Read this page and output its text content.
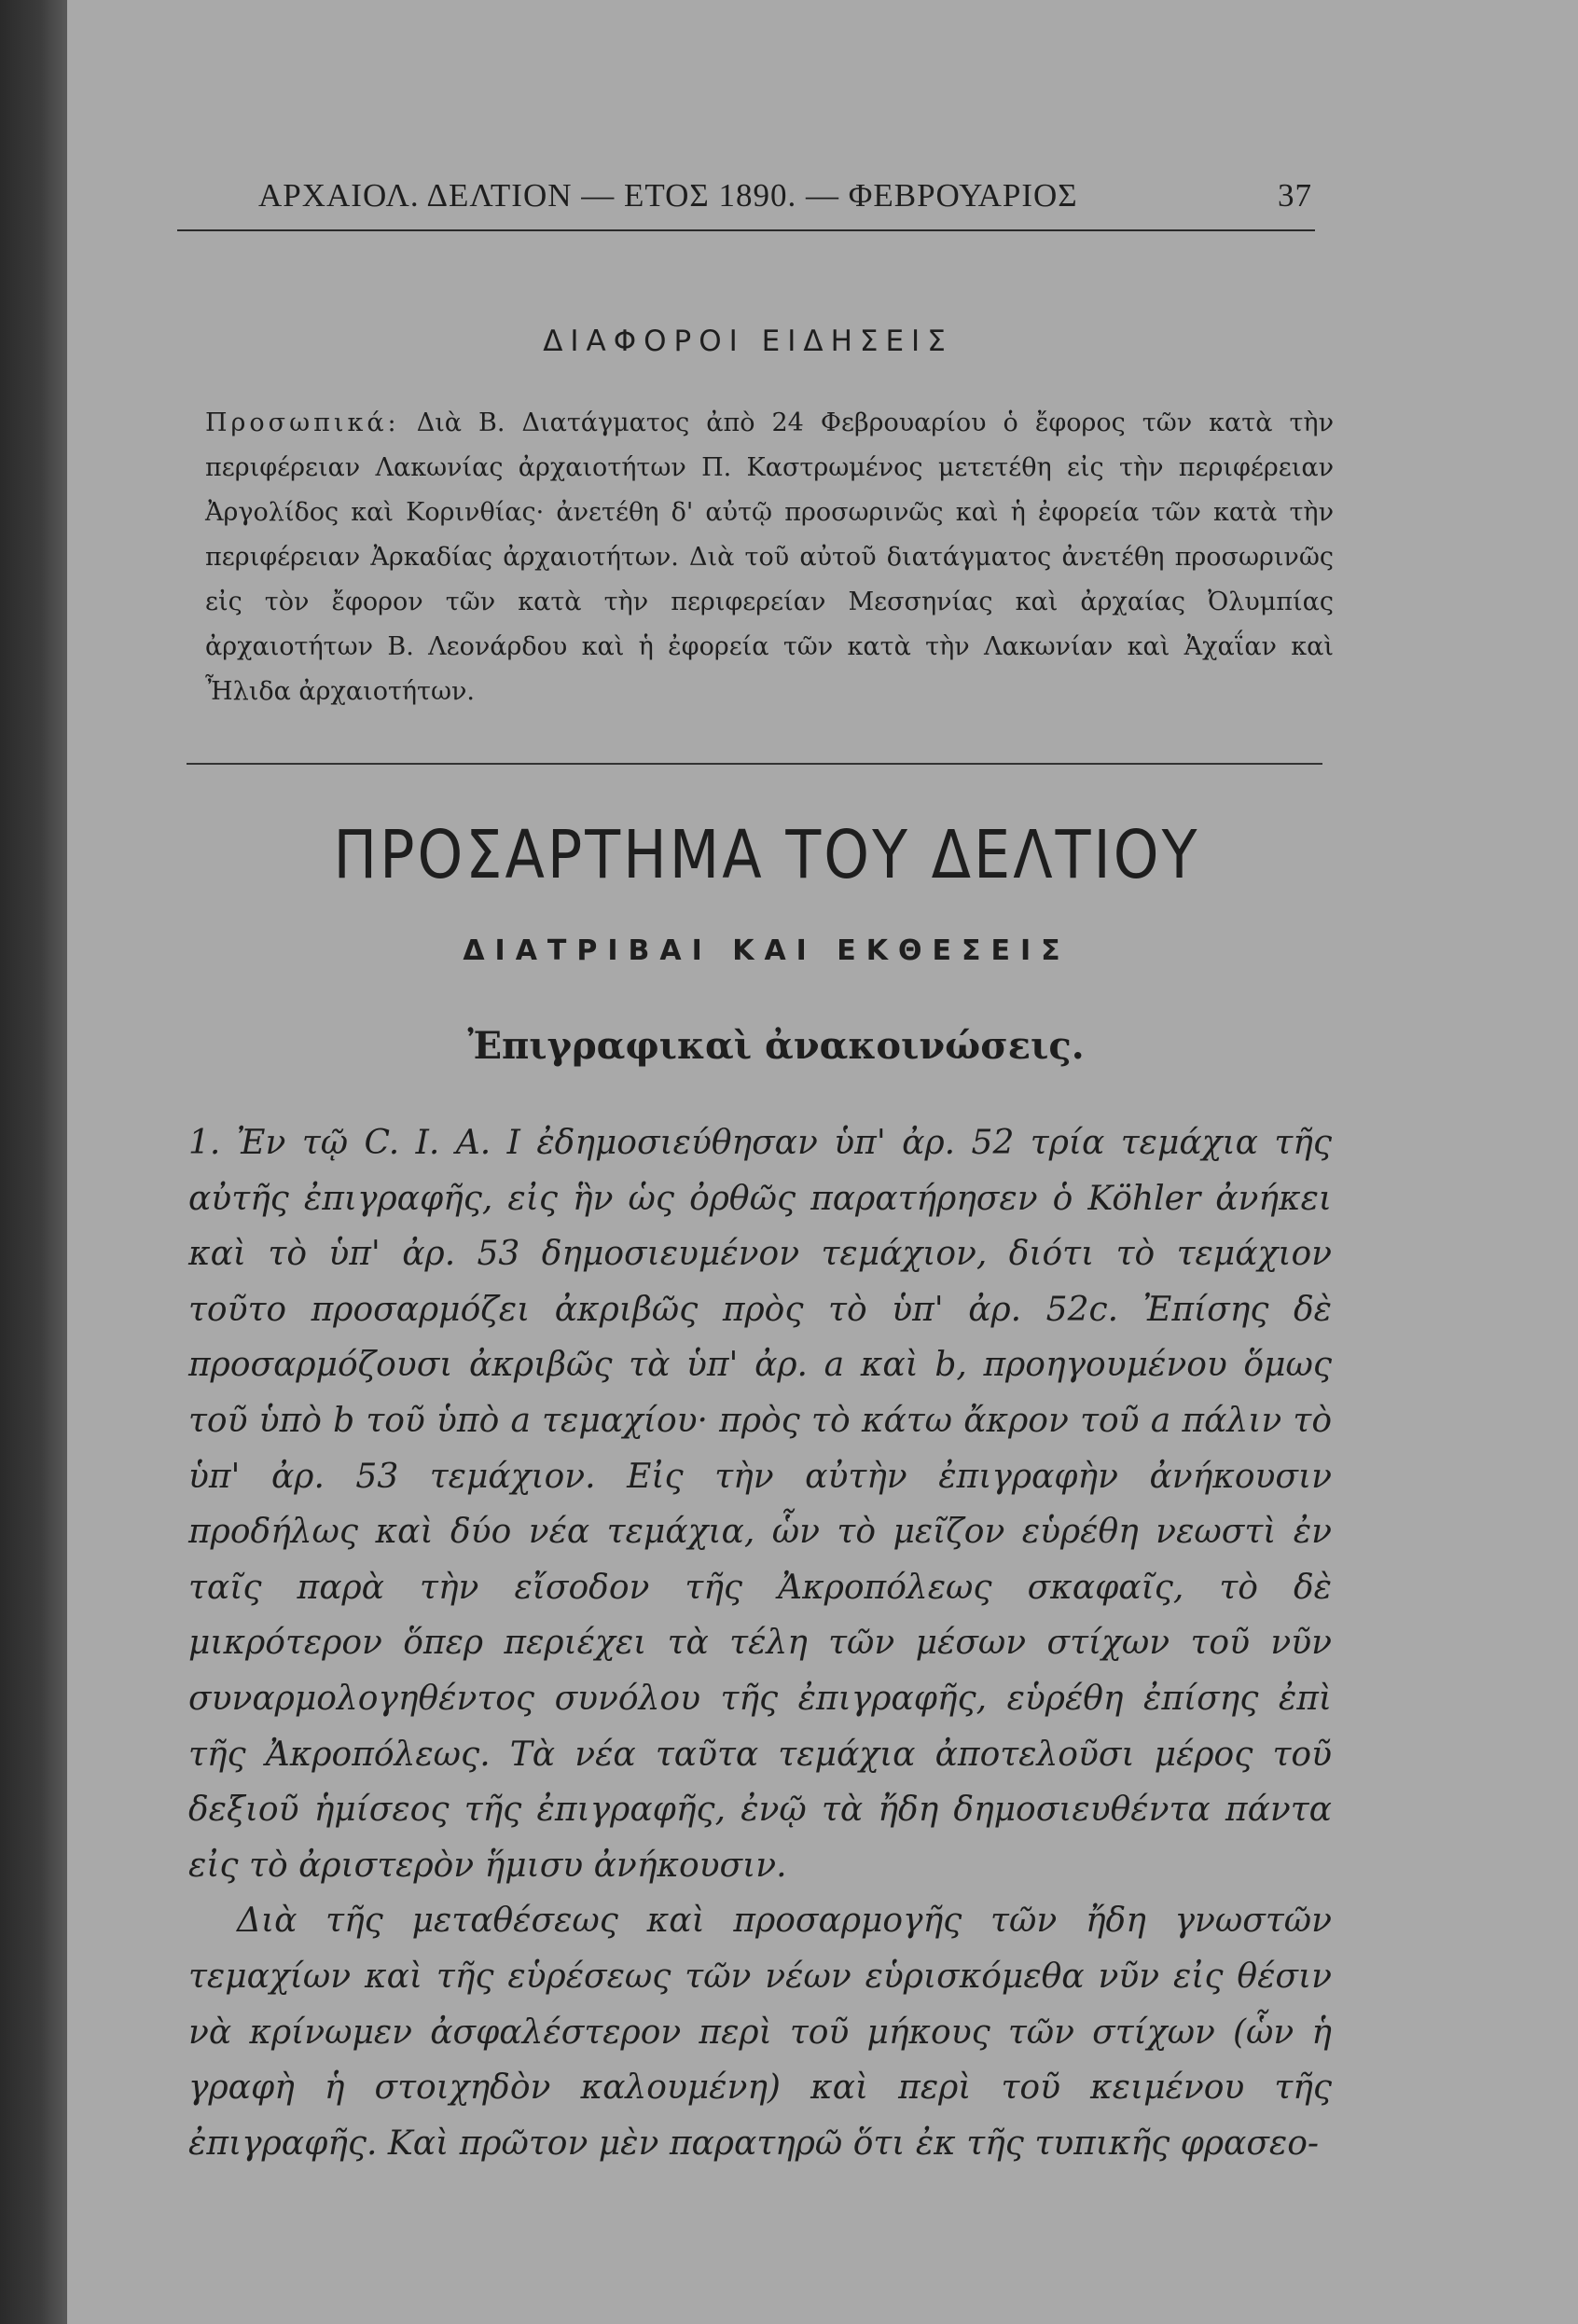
ΑΡΧΑΙΟΛ. ΔΕΛΤΙΟΝ — ΕΤΟΣ 1890. — ΦΕΒΡΟΥΑΡΙΟΣ	37
ΔΙΑΦΟΡΟΙ ΕΙΔΗΣΕΙΣ
Προσωπικά: Διὰ Β. Διατάγματος ἀπὸ 24 Φεβρουαρίου ὁ ἔφορος τῶν κατὰ τὴν περιφέρειαν Λακωνίας ἀρχαιοτήτων Π. Καστρωμένος μετετέθη εἰς τὴν περιφέρειαν Ἀργολίδος καὶ Κορινθίας· ἀνετέθη δ' αὐτῷ προσωρινῶς καὶ ἡ ἐφορεία τῶν κατὰ τὴν περιφέρειαν Ἀρκαδίας ἀρχαιοτήτων. Διὰ τοῦ αὐτοῦ διατάγματος ἀνετέθη προσωρινῶς εἰς τὸν ἔφορον τῶν κατὰ τὴν περιφερείαν Μεσσηνίας καὶ ἀρχαίας Ὀλυμπίας ἀρχαιοτήτων Β. Λεονάρδου καὶ ἡ ἐφορεία τῶν κατὰ τὴν Λακωνίαν καὶ Ἀχαΐαν καὶ Ἦλιδα ἀρχαιοτήτων.
ΠΡΟΣΑΡΤΗΜΑ ΤΟΥ ΔΕΛΤΙΟΥ
ΔΙΑΤΡΙΒΑΙ ΚΑΙ ΕΚΘΕΣΕΙΣ
Ἐπιγραφικαὶ ἀνακοινώσεις.

1. Ἐν τῷ C. I. A. I ἐδημοσιεύθησαν ὑπ' ἀρ. 52 τρία τεμάχια τῆς αὐτῆς ἐπιγραφῆς, εἰς ἣν ὡς ὀρθῶς παρατήρησεν ὁ Köhler ἀνήκει καὶ τὸ ὑπ' ἀρ. 53 δημοσιευμένον τεμάχιον, διότι τὸ τεμάχιον τοῦτο προσαρμόζει ἀκριβῶς πρὸς τὸ ὑπ' ἀρ. 52c. Ἐπίσης δὲ προσαρμόζουσι ἀκριβῶς τὰ ὑπ' ἀρ. a καὶ b, προηγουμένου ὅμως τοῦ ὑπὸ b τοῦ ὑπὸ a τεμαχίου· πρὸς τὸ κάτω ἄκρον τοῦ a πάλιν τὸ ὑπ' ἀρ. 53 τεμάχιον. Εἰς τὴν αὐτὴν ἐπιγραφὴν ἀνήκουσιν προδήλως καὶ δύο νέα τεμάχια, ὧν τὸ μεῖζον εὑρέθη νεωστὶ ἐν ταῖς παρὰ τὴν εἴσοδον τῆς Ἀκροπόλεως σκαφαῖς, τὸ δὲ μικρότερον ὅπερ περιέχει τὰ τέλη τῶν μέσων στίχων τοῦ νῦν συναρμολογηθέντος συνόλου τῆς ἐπιγραφῆς, εὑρέθη ἐπίσης ἐπὶ τῆς Ἀκροπόλεως. Τὰ νέα ταῦτα τεμάχια ἀποτελοῦσι μέρος τοῦ δεξιοῦ ἡμίσεος τῆς ἐπιγραφῆς, ἐνῷ τὰ ἤδη δημοσιευθέντα πάντα εἰς τὸ ἀριστερὸν ἥμισυ ἀνήκουσιν.

Διὰ τῆς μεταθέσεως καὶ προσαρμογῆς τῶν ἤδη γνωστῶν τεμαχίων καὶ τῆς εὑρέσεως τῶν νέων εὑρισκόμεθα νῦν εἰς θέσιν νὰ κρίνωμεν ἀσφαλέστερον περὶ τοῦ μήκους τῶν στίχων (ὧν ἡ γραφὴ ἡ στοιχηδὸν καλουμένη) καὶ περὶ τοῦ κειμένου τῆς ἐπιγραφῆς. Καὶ πρῶτον μὲν παρατηρῶ ὅτι ἐκ τῆς τυπικῆς φρασεο-
